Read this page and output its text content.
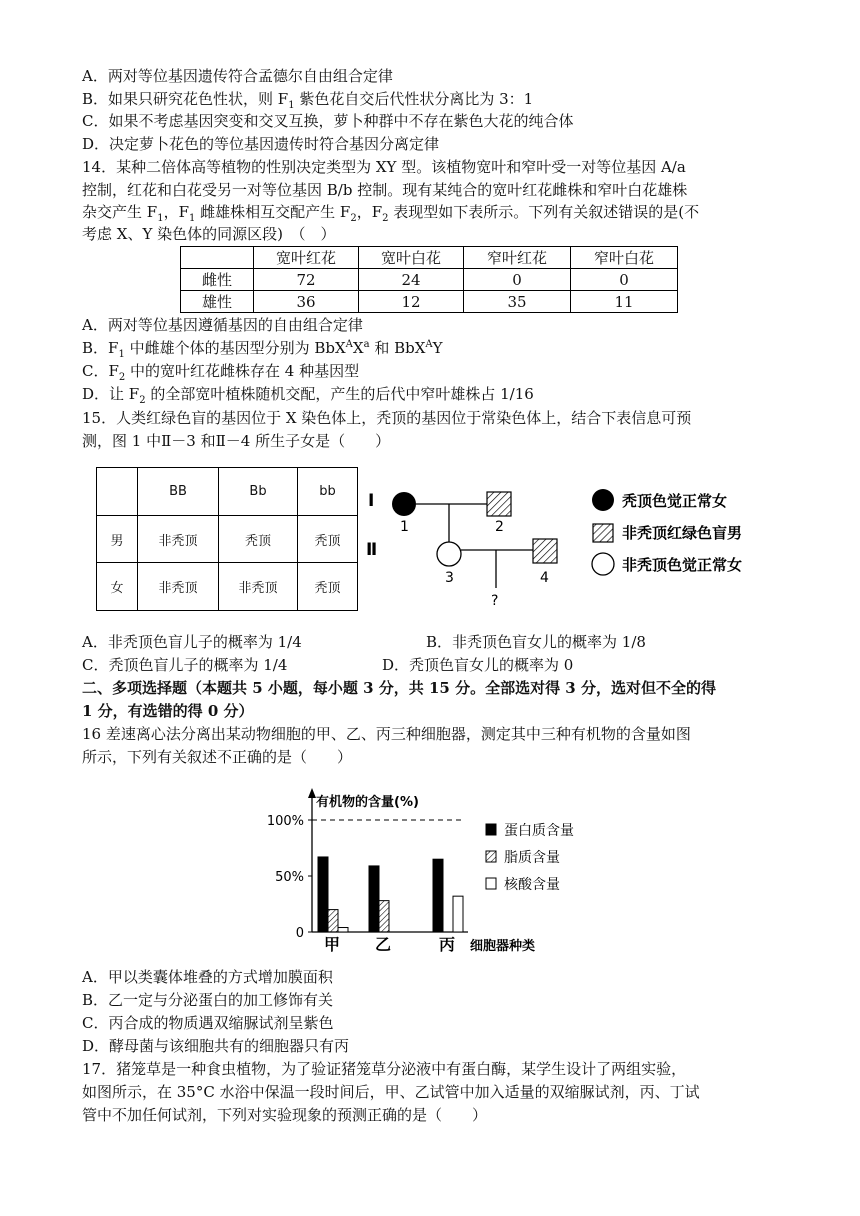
A．两对等位基因遗传符合孟德尔自由组合定律
B．如果只研究花色性状，则 $F_1$ 紫色花自交后代性状分离比为 3：1
C．如果不考虑基因突变和交叉互换，萝卜种群中不存在紫色大花的纯合体
D．决定萝卜花色的等位基因遗传时符合基因分离定律
14．某种二倍体高等植物的性别决定类型为 XY 型。该植物宽叶和窄叶受一对等位基因 A/a
控制，红花和白花受另一对等位基因 B/b 控制。现有某纯合的宽叶红花雌株和窄叶白花雄株
杂交产生 $F_1$，$F_1$ 雌雄株相互交配产生 $F_2$，$F_2$ 表现型如下表所示。下列有关叙述错误的是(不
考虑 X、Y 染色体的同源区段)　（　）
	宽叶红花	宽叶白花	窄叶红花	窄叶白花
雌性	72	24	0	0
雄性	36	12	35	11
A．两对等位基因遵循基因的自由组合定律
B．$F_1$ 中雌雄个体的基因型分别为 $BbX^AX^a$ 和 BbX$^A$Y
C．$F_2$ 中的宽叶红花雌株存在 4 种基因型
D．让 $F_2$ 的全部宽叶植株随机交配，产生的后代中窄叶雄株占 1/16
15．人类红绿色盲的基因位于 X 染色体上，秃顶的基因位于常染色体上，结合下表信息可预
测，图 1 中Ⅱ－3 和Ⅱ－4 所生子女是（　　）
	BB	Bb	bb
男	非秃顶	秃顶	秃顶
女	非秃顶	非秃顶	秃顶
Ⅰ
Ⅱ
1	2
3	4
?
秃顶色觉正常女
非秃顶红绿色盲男
非秃顶色觉正常女
A．非秃顶色盲儿子的概率为 1/4	B．非秃顶色盲女儿的概率为 1/8
C．秃顶色盲儿子的概率为 1/4	D．秃顶色盲女儿的概率为 0
二、多项选择题（本题共 5 小题，每小题 3 分，共 15 分。全部选对得 3 分，选对但不全的得
1 分，有选错的得 0 分）
16 差速离心法分离出某动物细胞的甲、乙、丙三种细胞器，测定其中三种有机物的含量如图
所示，下列有关叙述不正确的是（　　）
有机物的含量(%)
0
50%
100%
甲 乙	丙 细胞器种类
蛋白质含量
脂质含量
核酸含量
A．甲以类囊体堆叠的方式增加膜面积
B．乙一定与分泌蛋白的加工修饰有关
C．丙合成的物质遇双缩脲试剂呈紫色
D．酵母菌与该细胞共有的细胞器只有丙
17．猪笼草是一种食虫植物，为了验证猪笼草分泌液中有蛋白酶，某学生设计了两组实验，
如图所示，在 35°C 水浴中保温一段时间后，甲、乙试管中加入适量的双缩脲试剂，丙、丁试
管中不加任何试剂，下列对实验现象的预测正确的是（　　）
